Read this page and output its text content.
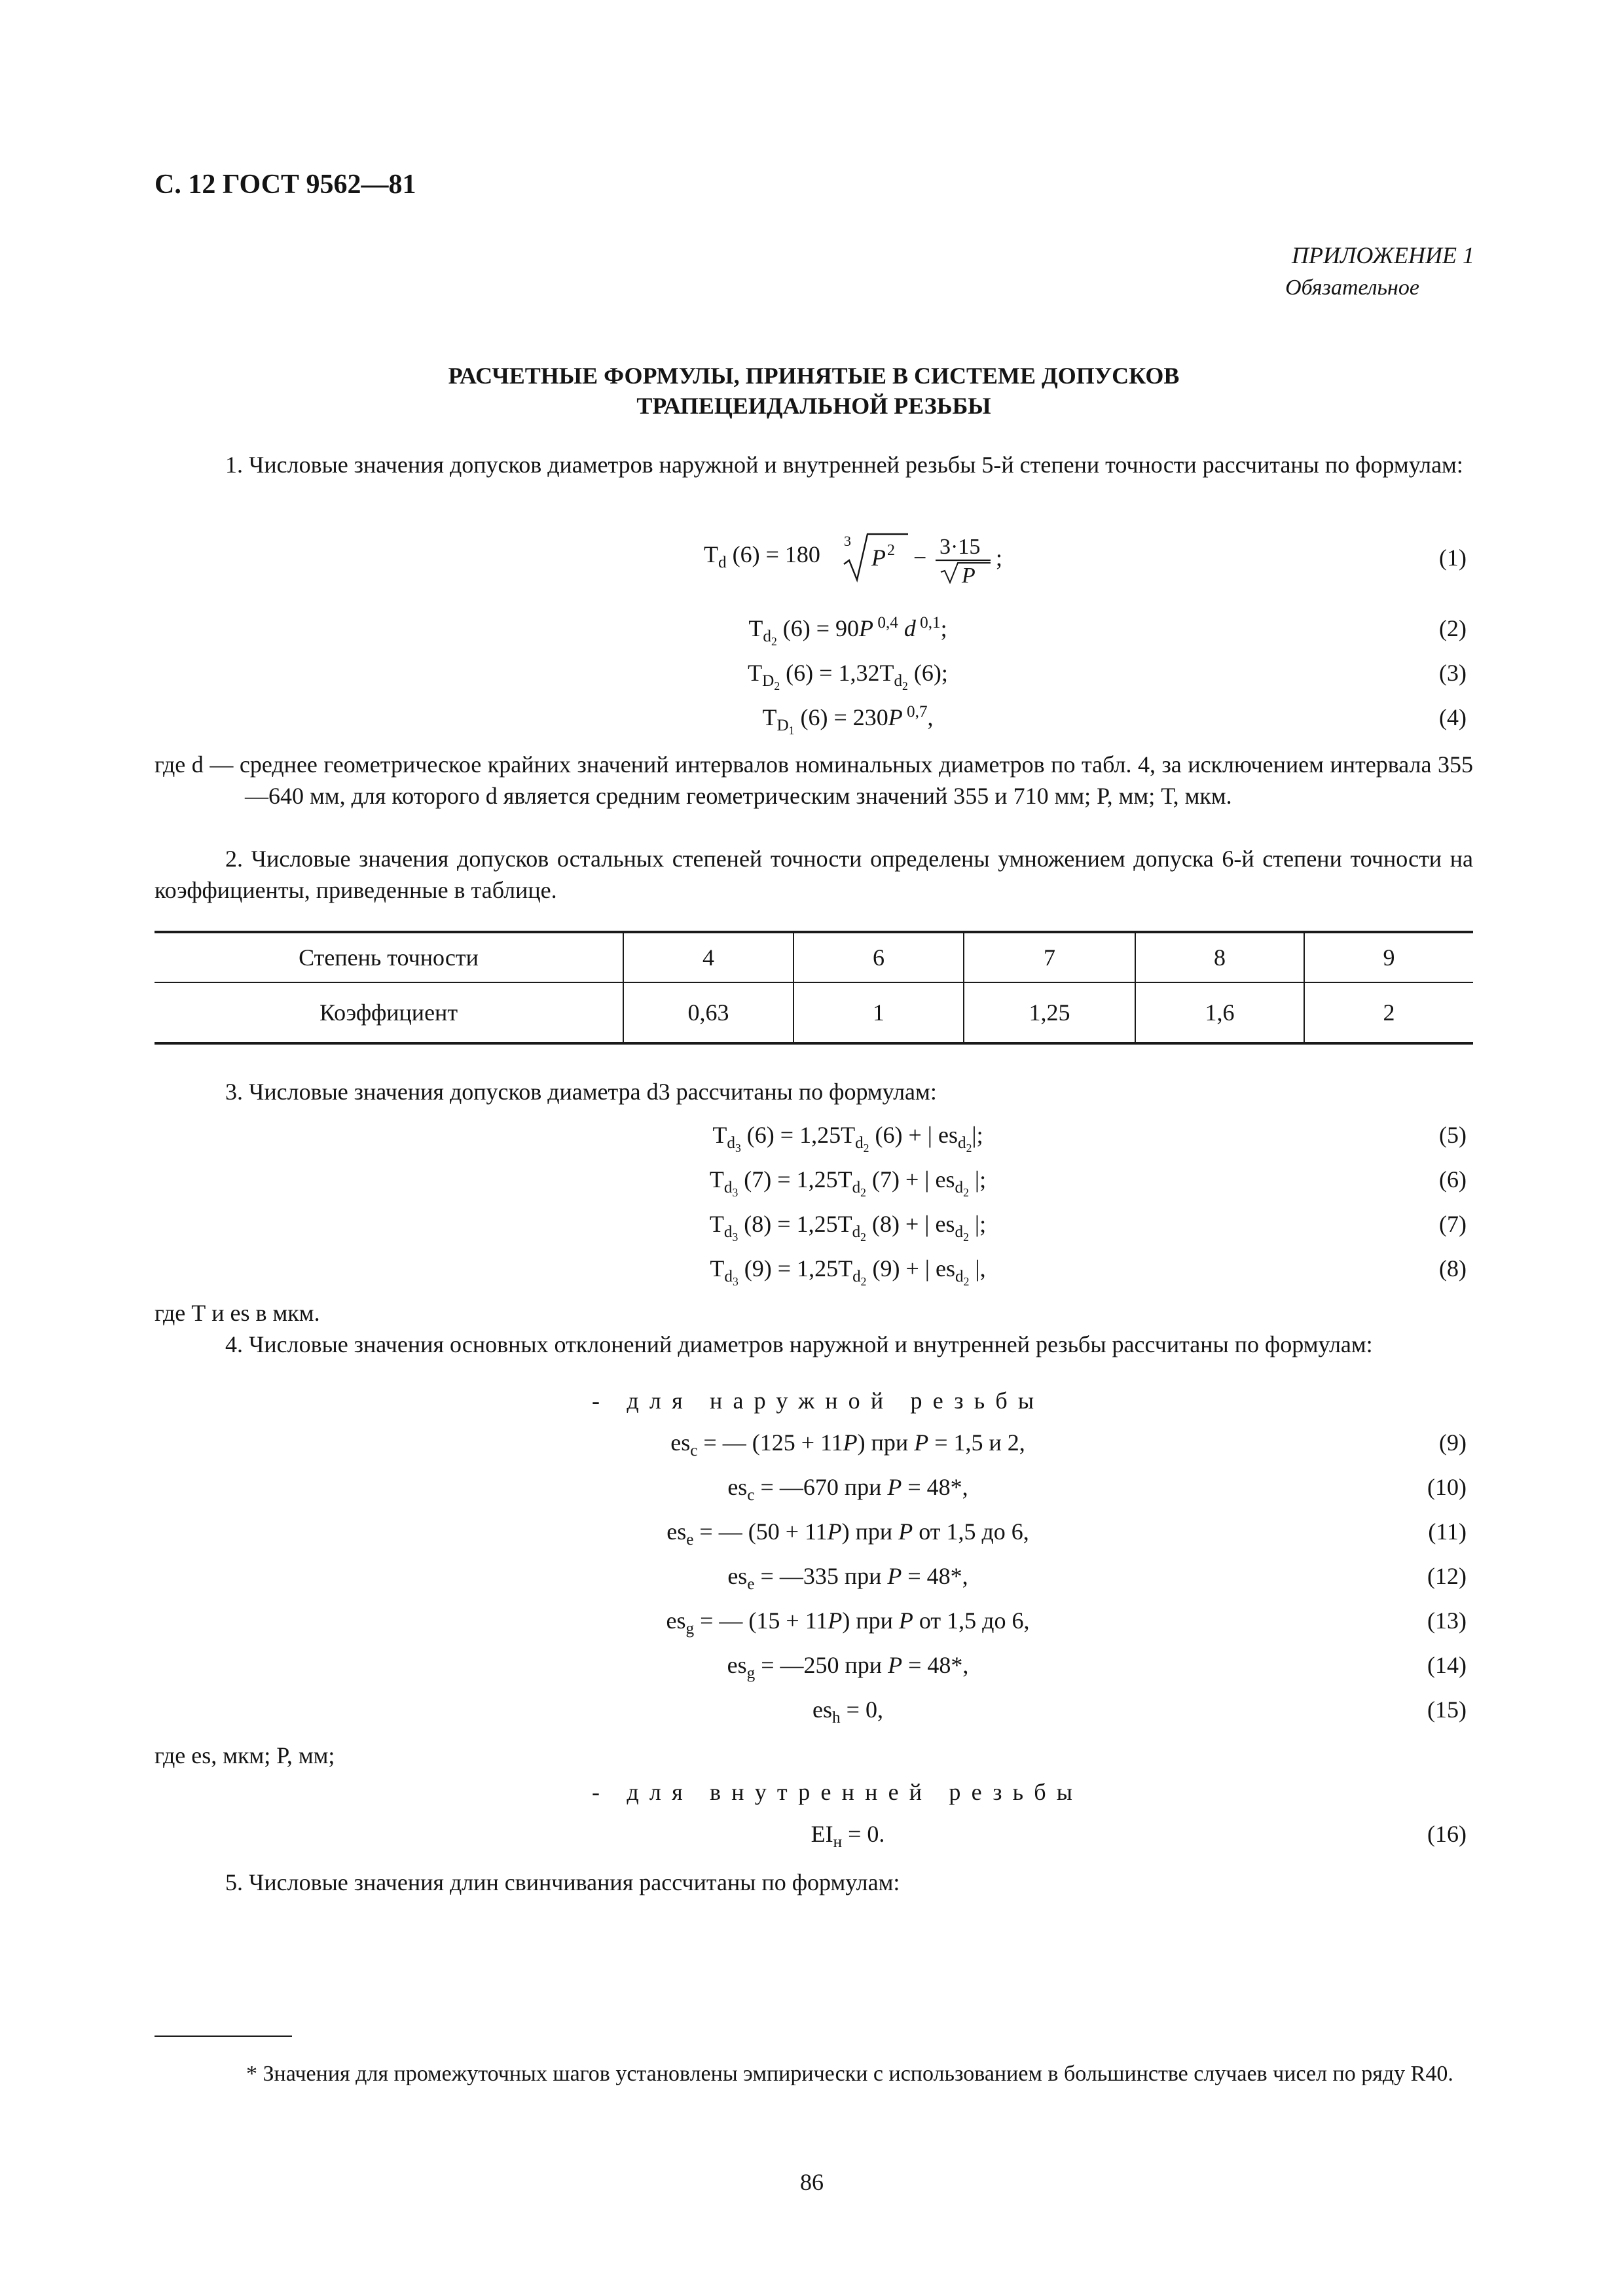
С. 12 ГОСТ 9562—81
ПРИЛОЖЕНИЕ 1
Обязательное
РАСЧЕТНЫЕ ФОРМУЛЫ, ПРИНЯТЫЕ В СИСТЕМЕ ДОПУСКОВ
ТРАПЕЦЕИДАЛЬНОЙ РЕЗЬБЫ
1. Числовые значения допусков диаметров наружной и внутренней резьбы 5-й степени точности рассчитаны по формулам:
$T_d$ (6) = 180
3
P 2 − 3·15
P
;	(1)
$T_{d_2}$ (6) = 90P $^{0,4}$ d $^{0,1}$;	(2)
$T_{D_2}$ $(6) = 1,32T_{d_2}$ (6);	(3)
$T_{D_1}$ (6) = 230P $^{0,7}$,	(4)
где d — среднее геометрическое крайних значений интервалов номинальных диаметров по табл. 4, за исключением интервала 355—640 мм, для которого d является средним геометрическим значений 355 и 710 мм; Р, мм; Т, мкм.
2. Числовые значения допусков остальных степеней точности определены умножением допуска 6-й степени точности на коэффициенты, приведенные в таблице.
Степень точности	4	6	7	8	9
Коэффициент	0,63	1	1,25	1,6	2
3. Числовые значения допусков диаметра d3 рассчитаны по формулам:
$T_{d_3}$ $(6) = 1,25T_{d_2}$ (6) + | $es_{d_2}|$;	(5)
$T_{d_3}$ $(7) = 1,25T_{d_2}$ (7) + | $es_{d_2}$ |;	(6)
$T_{d_3}$ $(8) = 1,25T_{d_2}$ (8) + | $es_{d_2}$ |;	(7)
$T_{d_3}$ $(9) = 1,25T_{d_2}$ (9) + | $es_{d_2}$ |,	(8)
где Т и es в мкм.
4. Числовые значения основных отклонений диаметров наружной и внутренней резьбы рассчитаны по формулам:
- для наружной резьбы
$es_c$ = — (125 + 11P) при P = 1,5 и 2,	(9)
$es_c$ = —670 при P = 48*,	(10)
$es_e$ = — (50 + 11P) при P от 1,5 до 6,	(11)
$es_e$ = —335 при P = 48*,	(12)
$es_g$ = — (15 + 11P) при P от 1,5 до 6,	(13)
$es_g$ = —250 при P = 48*,	(14)
$es_h = 0$,	(15)
где es, мкм; Р, мм;
- для внутренней резьбы
$EI_н = 0$.	(16)
5. Числовые значения длин свинчивания рассчитаны по формулам:
* Значения для промежуточных шагов установлены эмпирически с использованием в большинстве случаев чисел по ряду R40.
86
